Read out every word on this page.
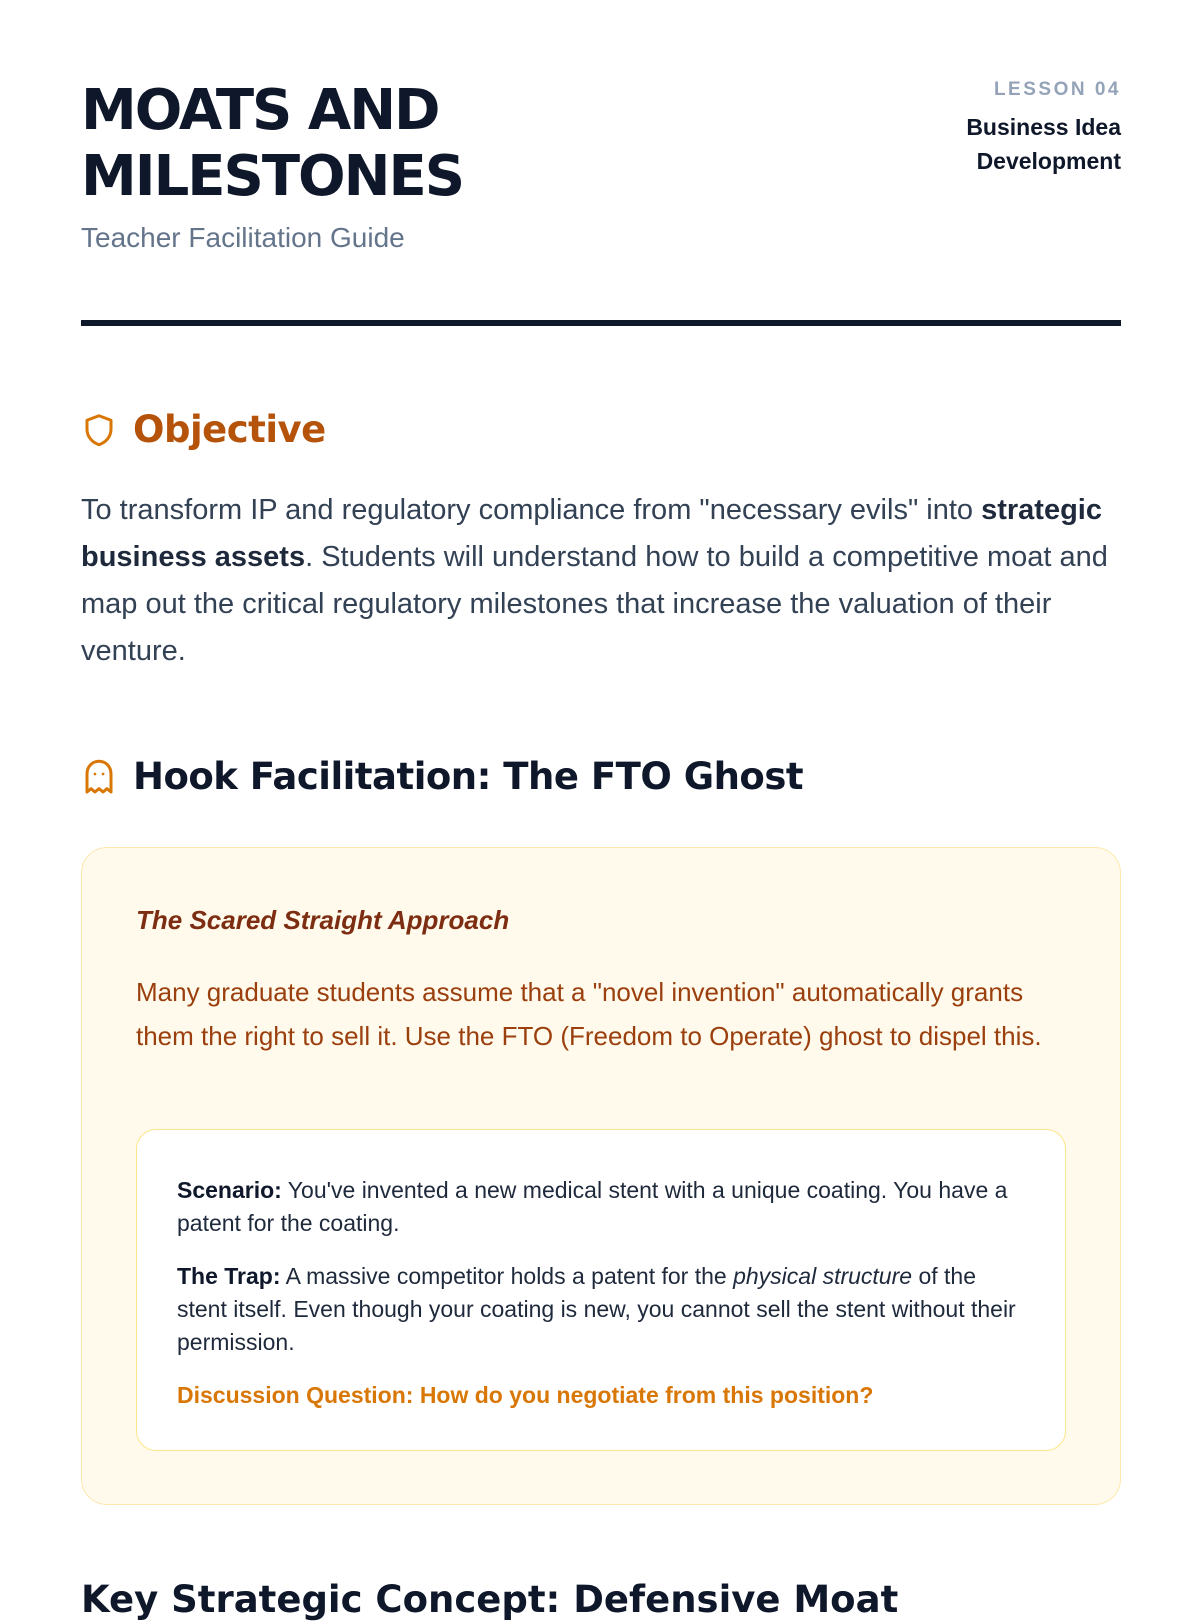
MOATS AND MILESTONES
Teacher Facilitation Guide
LESSON 04
Business Idea Development
Objective

To transform IP and regulatory compliance from "necessary evils" into strategic business assets. Students will understand how to build a competitive moat and map out the critical regulatory milestones that increase the valuation of their venture.

Hook Facilitation: The FTO Ghost
The Scared Straight Approach

Many graduate students assume that a "novel invention" automatically grants them the right to sell it. Use the FTO (Freedom to Operate) ghost to dispel this.

Scenario: You've invented a new medical stent with a unique coating. You have a patent for the coating.

The Trap: A massive competitor holds a patent for the physical structure of the stent itself. Even though your coating is new, you cannot sell the stent without their permission.

Discussion Question: How do you negotiate from this position?

Key Strategic Concept: Defensive Moat
